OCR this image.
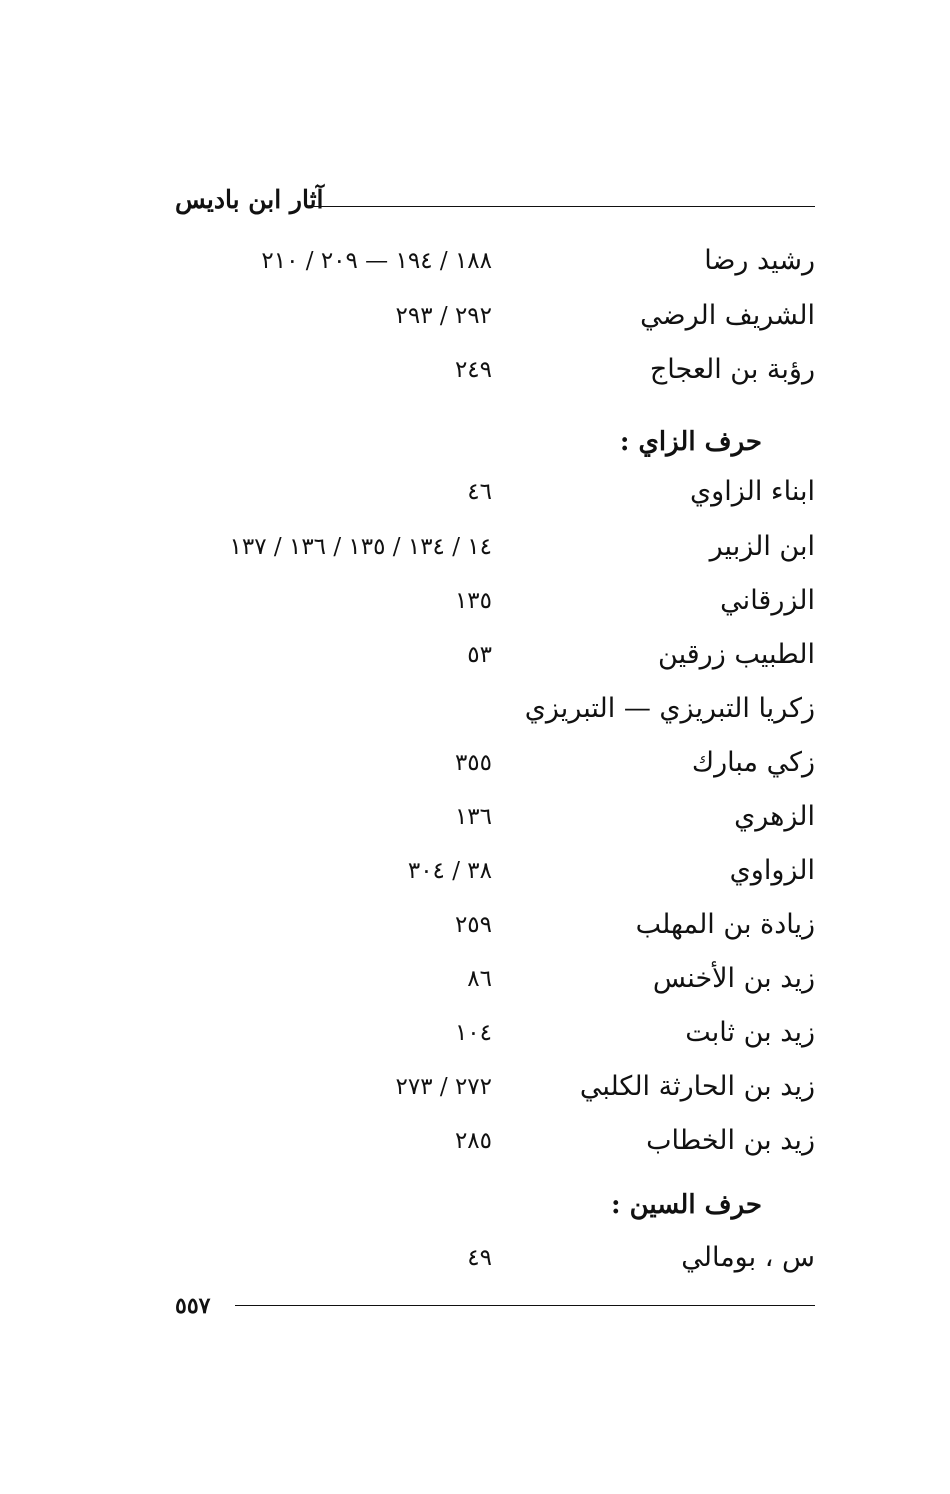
آثار ابن باديس
رشيد رضا
١٨٨ / ١٩٤ — ٢٠٩ / ٢١٠
الشريف الرضي
٢٩٢ / ٢٩٣
رؤبة بن العجاج
٢٤٩
حرف الزاي :
ابناء الزاوي
٤٦
ابن الزبير
١٤ / ١٣٤ / ١٣٥ / ١٣٦ / ١٣٧
الزرقاني
١٣٥
الطبيب زرقين
٥٣
زكريا التبريزي — التبريزي
زكي مبارك
٣٥٥
الزهري
١٣٦
الزواوي
٣٨ / ٣٠٤
زيادة بن المهلب
٢٥٩
زيد بن الأخنس
٨٦
زيد بن ثابت
١٠٤
زيد بن الحارثة الكلبي
٢٧٢ / ٢٧٣
زيد بن الخطاب
٢٨٥
حرف السين :
س ، بومالي
٤٩
٥٥٧
